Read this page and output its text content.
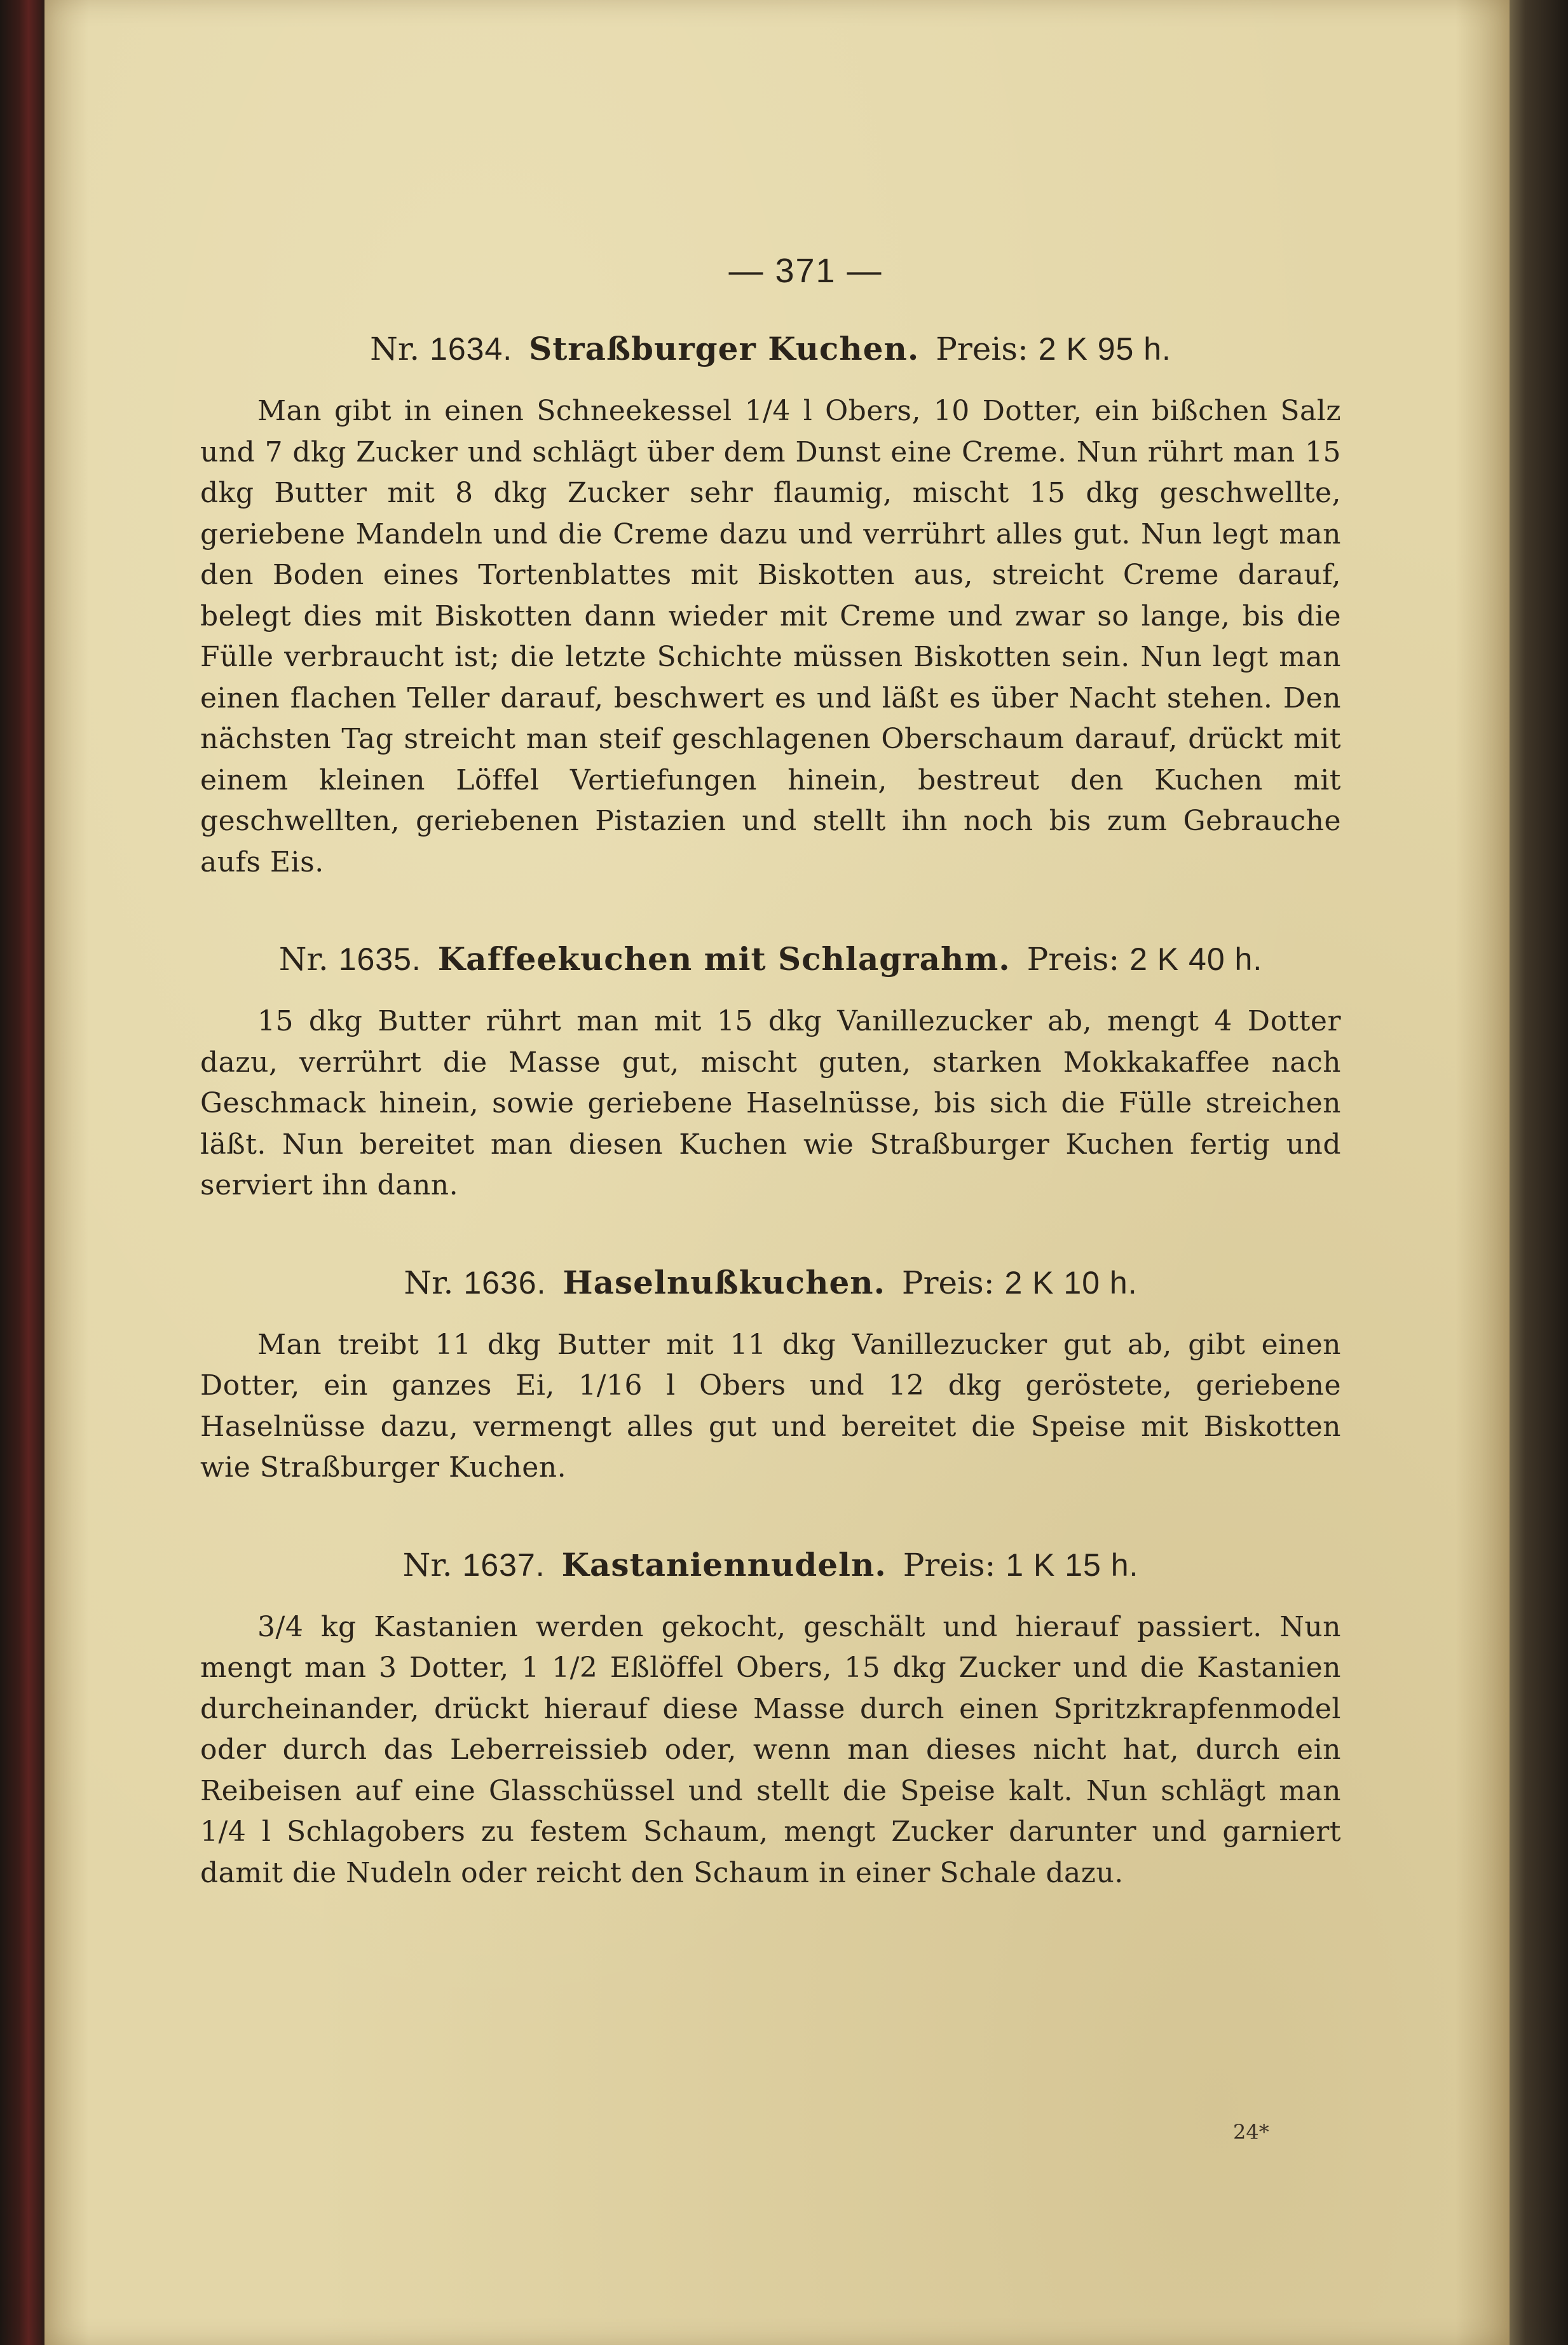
— 371 —
Nr. 1634. Straßburger Kuchen. Preis: 2 K 95 h.

Man gibt in einen Schneekessel 1/4 l Obers, 10 Dotter, ein bißchen Salz und 7 dkg Zucker und schlägt über dem Dunst eine Creme. Nun rührt man 15 dkg Butter mit 8 dkg Zucker sehr flaumig, mischt 15 dkg geschwellte, geriebene Mandeln und die Creme dazu und verrührt alles gut. Nun legt man den Boden eines Tortenblattes mit Biskotten aus, streicht Creme darauf, belegt dies mit Biskotten dann wieder mit Creme und zwar so lange, bis die Fülle verbraucht ist; die letzte Schichte müssen Biskotten sein. Nun legt man einen flachen Teller darauf, beschwert es und läßt es über Nacht stehen. Den nächsten Tag streicht man steif geschlagenen Oberschaum darauf, drückt mit einem kleinen Löffel Vertiefungen hinein, bestreut den Kuchen mit geschwellten, geriebenen Pistazien und stellt ihn noch bis zum Gebrauche aufs Eis.

Nr. 1635. Kaffeekuchen mit Schlagrahm. Preis: 2 K 40 h.

15 dkg Butter rührt man mit 15 dkg Vanillezucker ab, mengt 4 Dotter dazu, verrührt die Masse gut, mischt guten, starken Mokkakaffee nach Geschmack hinein, sowie geriebene Haselnüsse, bis sich die Fülle streichen läßt. Nun bereitet man diesen Kuchen wie Straßburger Kuchen fertig und serviert ihn dann.

Nr. 1636. Haselnußkuchen. Preis: 2 K 10 h.

Man treibt 11 dkg Butter mit 11 dkg Vanillezucker gut ab, gibt einen Dotter, ein ganzes Ei, 1/16 l Obers und 12 dkg geröstete, geriebene Haselnüsse dazu, vermengt alles gut und bereitet die Speise mit Biskotten wie Straßburger Kuchen.

Nr. 1637. Kastaniennudeln. Preis: 1 K 15 h.

3/4 kg Kastanien werden gekocht, geschält und hierauf passiert. Nun mengt man 3 Dotter, 1 1/2 Eßlöffel Obers, 15 dkg Zucker und die Kastanien durcheinander, drückt hierauf diese Masse durch einen Spritzkrapfenmodel oder durch das Leberreissieb oder, wenn man dieses nicht hat, durch ein Reibeisen auf eine Glasschüssel und stellt die Speise kalt. Nun schlägt man 1/4 l Schlagobers zu festem Schaum, mengt Zucker darunter und garniert damit die Nudeln oder reicht den Schaum in einer Schale dazu.

24*
